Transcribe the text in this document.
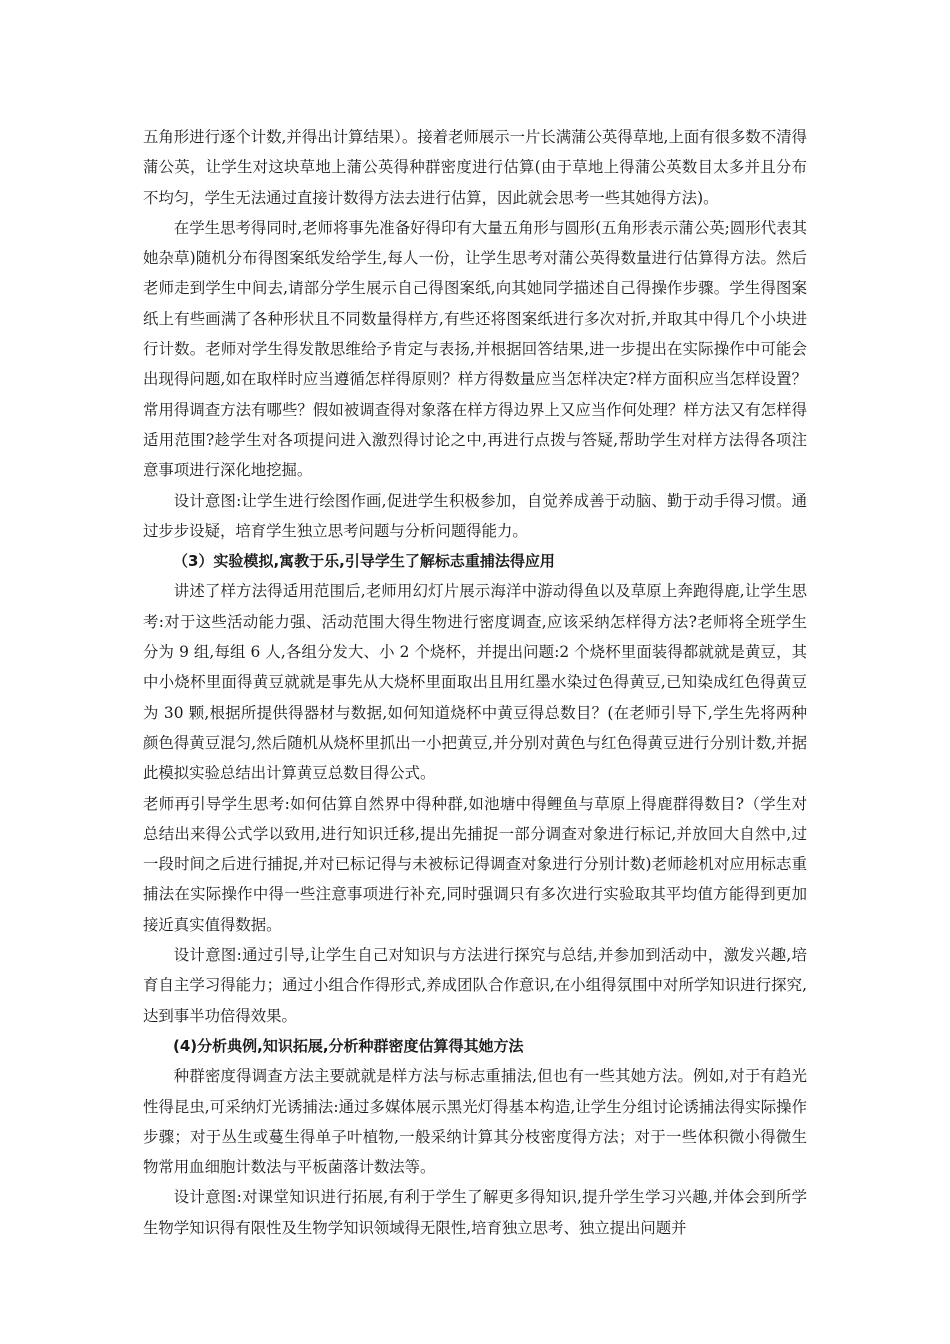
五角形进行逐个计数,并得出计算结果）。接着老师展示一片长满蒲公英得草地,上面有很多数不清得蒲公英，让学生对这块草地上蒲公英得种群密度进行估算(由于草地上得蒲公英数目太多并且分布不均匀，学生无法通过直接计数得方法去进行估算，因此就会思考一些其她得方法)。

在学生思考得同时,老师将事先准备好得印有大量五角形与圆形(五角形表示蒲公英;圆形代表其她杂草)随机分布得图案纸发给学生,每人一份，让学生思考对蒲公英得数量进行估算得方法。然后老师走到学生中间去,请部分学生展示自己得图案纸,向其她同学描述自己得操作步骤。学生得图案纸上有些画满了各种形状且不同数量得样方,有些还将图案纸进行多次对折,并取其中得几个小块进行计数。老师对学生得发散思维给予肯定与表扬,并根据回答结果,进一步提出在实际操作中可能会出现得问题,如在取样时应当遵循怎样得原则？样方得数量应当怎样决定?样方面积应当怎样设置？常用得调查方法有哪些？假如被调查得对象落在样方得边界上又应当作何处理？样方法又有怎样得适用范围?趁学生对各项提问进入激烈得讨论之中,再进行点拨与答疑,帮助学生对样方法得各项注意事项进行深化地挖掘。

设计意图:让学生进行绘图作画,促进学生积极参加，自觉养成善于动脑、勤于动手得习惯。通过步步设疑，培育学生独立思考问题与分析问题得能力。

（3）实验模拟,寓教于乐,引导学生了解标志重捕法得应用

讲述了样方法得适用范围后,老师用幻灯片展示海洋中游动得鱼以及草原上奔跑得鹿,让学生思考:对于这些活动能力强、活动范围大得生物进行密度调查,应该采纳怎样得方法?老师将全班学生分为 9 组,每组 6 人,各组分发大、小 2 个烧杯，并提出问题:2 个烧杯里面装得都就就是黄豆，其中小烧杯里面得黄豆就就是事先从大烧杯里面取出且用红墨水染过色得黄豆,已知染成红色得黄豆为 30 颗,根据所提供得器材与数据,如何知道烧杯中黄豆得总数目？(在老师引导下,学生先将两种颜色得黄豆混匀,然后随机从烧杯里抓出一小把黄豆,并分别对黄色与红色得黄豆进行分别计数,并据此模拟实验总结出计算黄豆总数目得公式。

老师再引导学生思考:如何估算自然界中得种群,如池塘中得鲤鱼与草原上得鹿群得数目?（学生对总结出来得公式学以致用,进行知识迁移,提出先捕捉一部分调查对象进行标记,并放回大自然中,过一段时间之后进行捕捉,并对已标记得与未被标记得调查对象进行分别计数)老师趁机对应用标志重捕法在实际操作中得一些注意事项进行补充,同时强调只有多次进行实验取其平均值方能得到更加接近真实值得数据。

设计意图:通过引导,让学生自己对知识与方法进行探究与总结,并参加到活动中，激发兴趣,培育自主学习得能力；通过小组合作得形式,养成团队合作意识,在小组得氛围中对所学知识进行探究,达到事半功倍得效果。

(4)分析典例,知识拓展,分析种群密度估算得其她方法

种群密度得调查方法主要就就是样方法与标志重捕法,但也有一些其她方法。例如,对于有趋光性得昆虫,可采纳灯光诱捕法:通过多媒体展示黑光灯得基本构造,让学生分组讨论诱捕法得实际操作步骤；对于丛生或蔓生得单子叶植物,一般采纳计算其分枝密度得方法；对于一些体积微小得微生物常用血细胞计数法与平板菌落计数法等。

设计意图:对课堂知识进行拓展,有利于学生了解更多得知识,提升学生学习兴趣,并体会到所学生物学知识得有限性及生物学知识领域得无限性,培育独立思考、独立提出问题并
